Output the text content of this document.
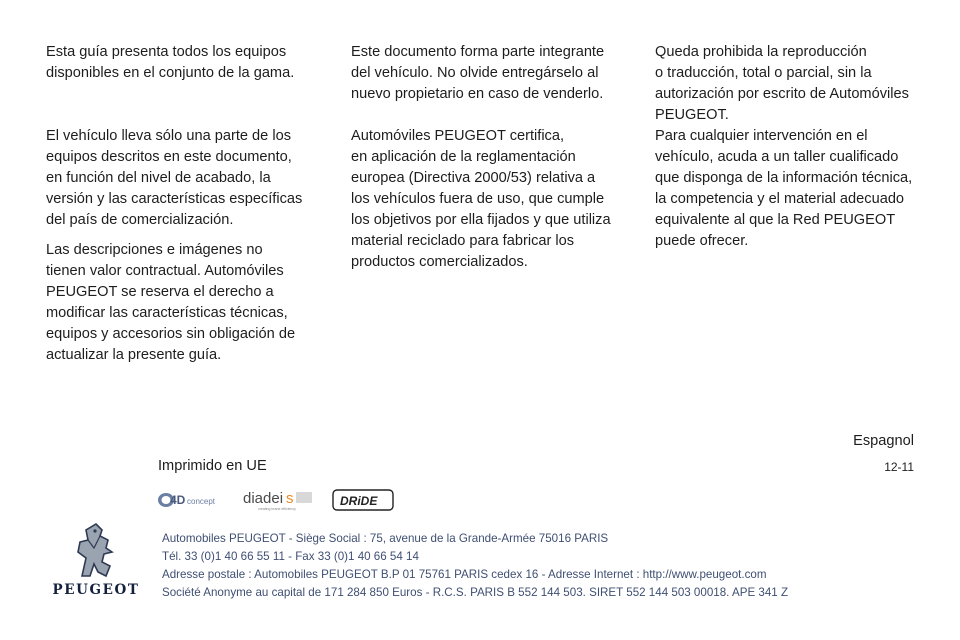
Esta guía presenta todos los equipos
disponibles en el conjunto de la gama.

El vehículo lleva sólo una parte de los
equipos descritos en este documento,
en función del nivel de acabado, la
versión y las características específicas
del país de comercialización.

Las descripciones e imágenes no
tienen valor contractual. Automóviles
PEUGEOT se reserva el derecho a
modificar las características técnicas,
equipos y accesorios sin obligación de
actualizar la presente guía.

Este documento forma parte integrante
del vehículo. No olvide entregárselo al
nuevo propietario en caso de venderlo.

Automóviles PEUGEOT certifica,
en aplicación de la reglamentación
europea (Directiva 2000/53) relativa a
los vehículos fuera de uso, que cumple
los objetivos por ella fijados y que utiliza
material reciclado para fabricar los
productos comercializados.

Queda prohibida la reproducción
o traducción, total o parcial, sin la
autorización por escrito de Automóviles
PEUGEOT.

Para cualquier intervención en el
vehículo, acuda a un taller cualificado
que disponga de la información técnica,
la competencia y el material adecuado
equivalente al que la Red PEUGEOT
puede ofrecer.

Espagnol
Imprimido en UE	12-11
4D concept diadei s
creating brand efficiency
DRiDE
PEUGEOT
Automobiles PEUGEOT - Siège Social : 75, avenue de la Grande-Armée 75016 PARIS
Tél. 33 (0)1 40 66 55 11 - Fax 33 (0)1 40 66 54 14
Adresse postale : Automobiles PEUGEOT B.P 01 75761 PARIS cedex 16 - Adresse Internet : http://www.peugeot.com
Société Anonyme au capital de 171 284 850 Euros - R.C.S. PARIS B 552 144 503. SIRET 552 144 503 00018. APE 341 Z
